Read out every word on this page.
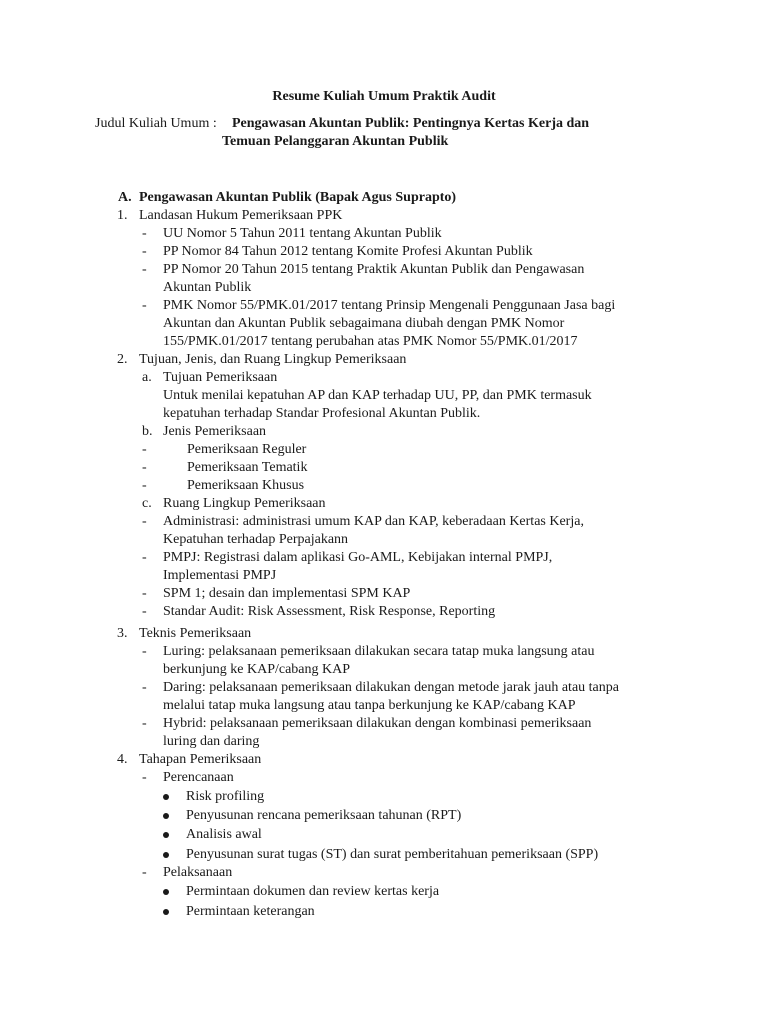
Resume Kuliah Umum Praktik Audit
Judul Kuliah Umum : Pengawasan Akuntan Publik: Pentingnya Kertas Kerja dan
Temuan Pelanggaran Akuntan Publik
A. Pengawasan Akuntan Publik (Bapak Agus Suprapto)
1. Landasan Hukum Pemeriksaan PPK
- UU Nomor 5 Tahun 2011 tentang Akuntan Publik
- PP Nomor 84 Tahun 2012 tentang Komite Profesi Akuntan Publik
- PP Nomor 20 Tahun 2015 tentang Praktik Akuntan Publik dan Pengawasan
Akuntan Publik
- PMK Nomor 55/PMK.01/2017 tentang Prinsip Mengenali Penggunaan Jasa bagi
Akuntan dan Akuntan Publik sebagaimana diubah dengan PMK Nomor
155/PMK.01/2017 tentang perubahan atas PMK Nomor 55/PMK.01/2017
2. Tujuan, Jenis, dan Ruang Lingkup Pemeriksaan
a. Tujuan Pemeriksaan
Untuk menilai kepatuhan AP dan KAP terhadap UU, PP, dan PMK termasuk
kepatuhan terhadap Standar Profesional Akuntan Publik.
b. Jenis Pemeriksaan
-	Pemeriksaan Reguler
-	Pemeriksaan Tematik
-	Pemeriksaan Khusus
c. Ruang Lingkup Pemeriksaan
- Administrasi: administrasi umum KAP dan KAP, keberadaan Kertas Kerja,
Kepatuhan terhadap Perpajakann
- PMPJ: Registrasi dalam aplikasi Go-AML, Kebijakan internal PMPJ,
Implementasi PMPJ
- SPM 1; desain dan implementasi SPM KAP
- Standar Audit: Risk Assessment, Risk Response, Reporting
3. Teknis Pemeriksaan
- Luring: pelaksanaan pemeriksaan dilakukan secara tatap muka langsung atau
berkunjung ke KAP/cabang KAP
- Daring: pelaksanaan pemeriksaan dilakukan dengan metode jarak jauh atau tanpa
melalui tatap muka langsung atau tanpa berkunjung ke KAP/cabang KAP
- Hybrid: pelaksanaan pemeriksaan dilakukan dengan kombinasi pemeriksaan
luring dan daring
4. Tahapan Pemeriksaan
- Perencanaan
Risk profiling
Penyusunan rencana pemeriksaan tahunan (RPT)
Analisis awal
Penyusunan surat tugas (ST) dan surat pemberitahuan pemeriksaan (SPP)
- Pelaksanaan
Permintaan dokumen dan review kertas kerja
Permintaan keterangan
